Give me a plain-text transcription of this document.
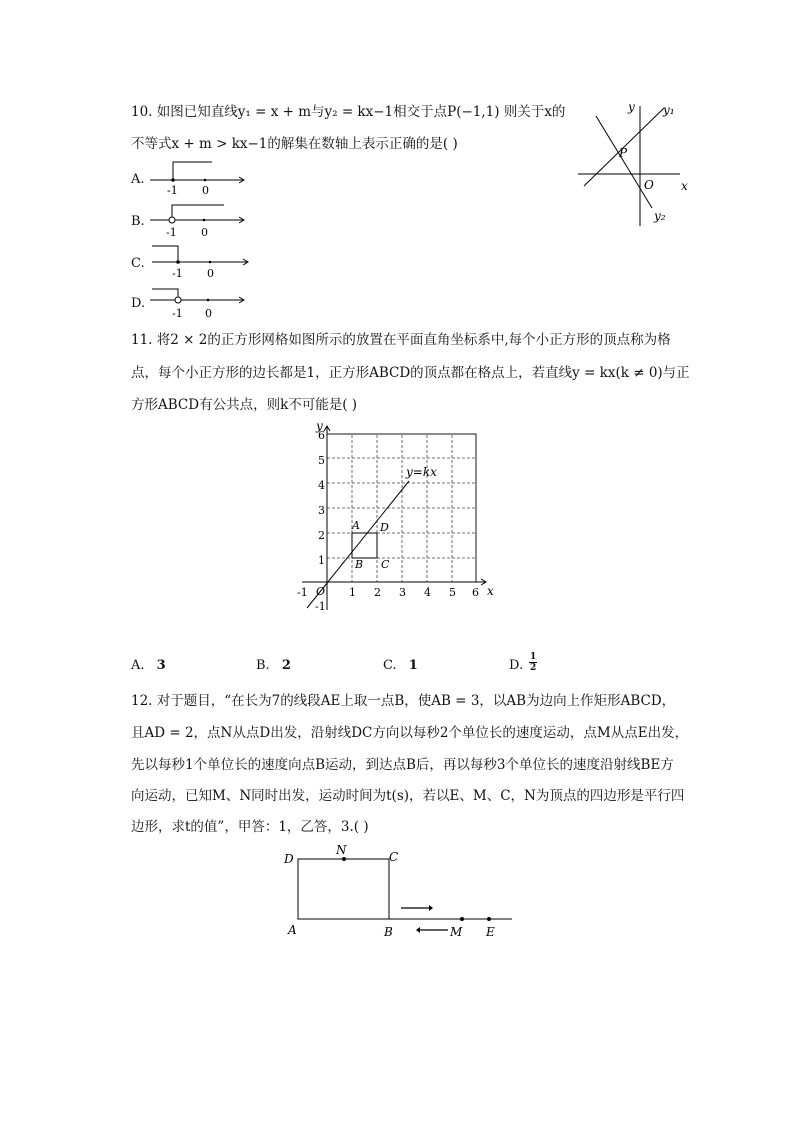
10. 如图已知直线y₁ = x + m与y₂ = kx−1相交于点P(−1,1) 则关于x的
不等式x + m > kx−1的解集在数轴上表示正确的是( )
A.
-1 0
B.
-1 0
C.
-1 0
D.
-1 0
y y₁
y₂
P
O x
11. 将2 × 2的正方形网格如图所示的放置在平面直角坐标系中,每个小正方形的顶点称为格
点，每个小正方形的边长都是1，正方形ABCD的顶点都在格点上，若直线y = kx(k ≠ 0)与正
方形ABCD有公共点，则k不可能是( )
-1	1 2 3 4 5 6
6
5
4
3
2
1
-1
O	x
y
y=kx
A D
B C
A. 3	B. 2	C. 1	D. $\frac{1}{2}$
12. 对于题目，“在长为7的线段AE上取一点B，使AB = 3，以AB为边向上作矩形ABCD，
且AD = 2，点N从点D出发，沿射线DC方向以每秒2个单位长的速度运动，点M从点E出发，
先以每秒1个单位长的速度向点B运动，到达点B后，再以每秒3个单位长的速度沿射线BE方
向运动，已知M、N同时出发，运动时间为t(s)，若以E、M、C，N为顶点的四边形是平行四
边形，求t的值”，甲答：1，乙答，3.( )
D
N	C
A	B	M E
